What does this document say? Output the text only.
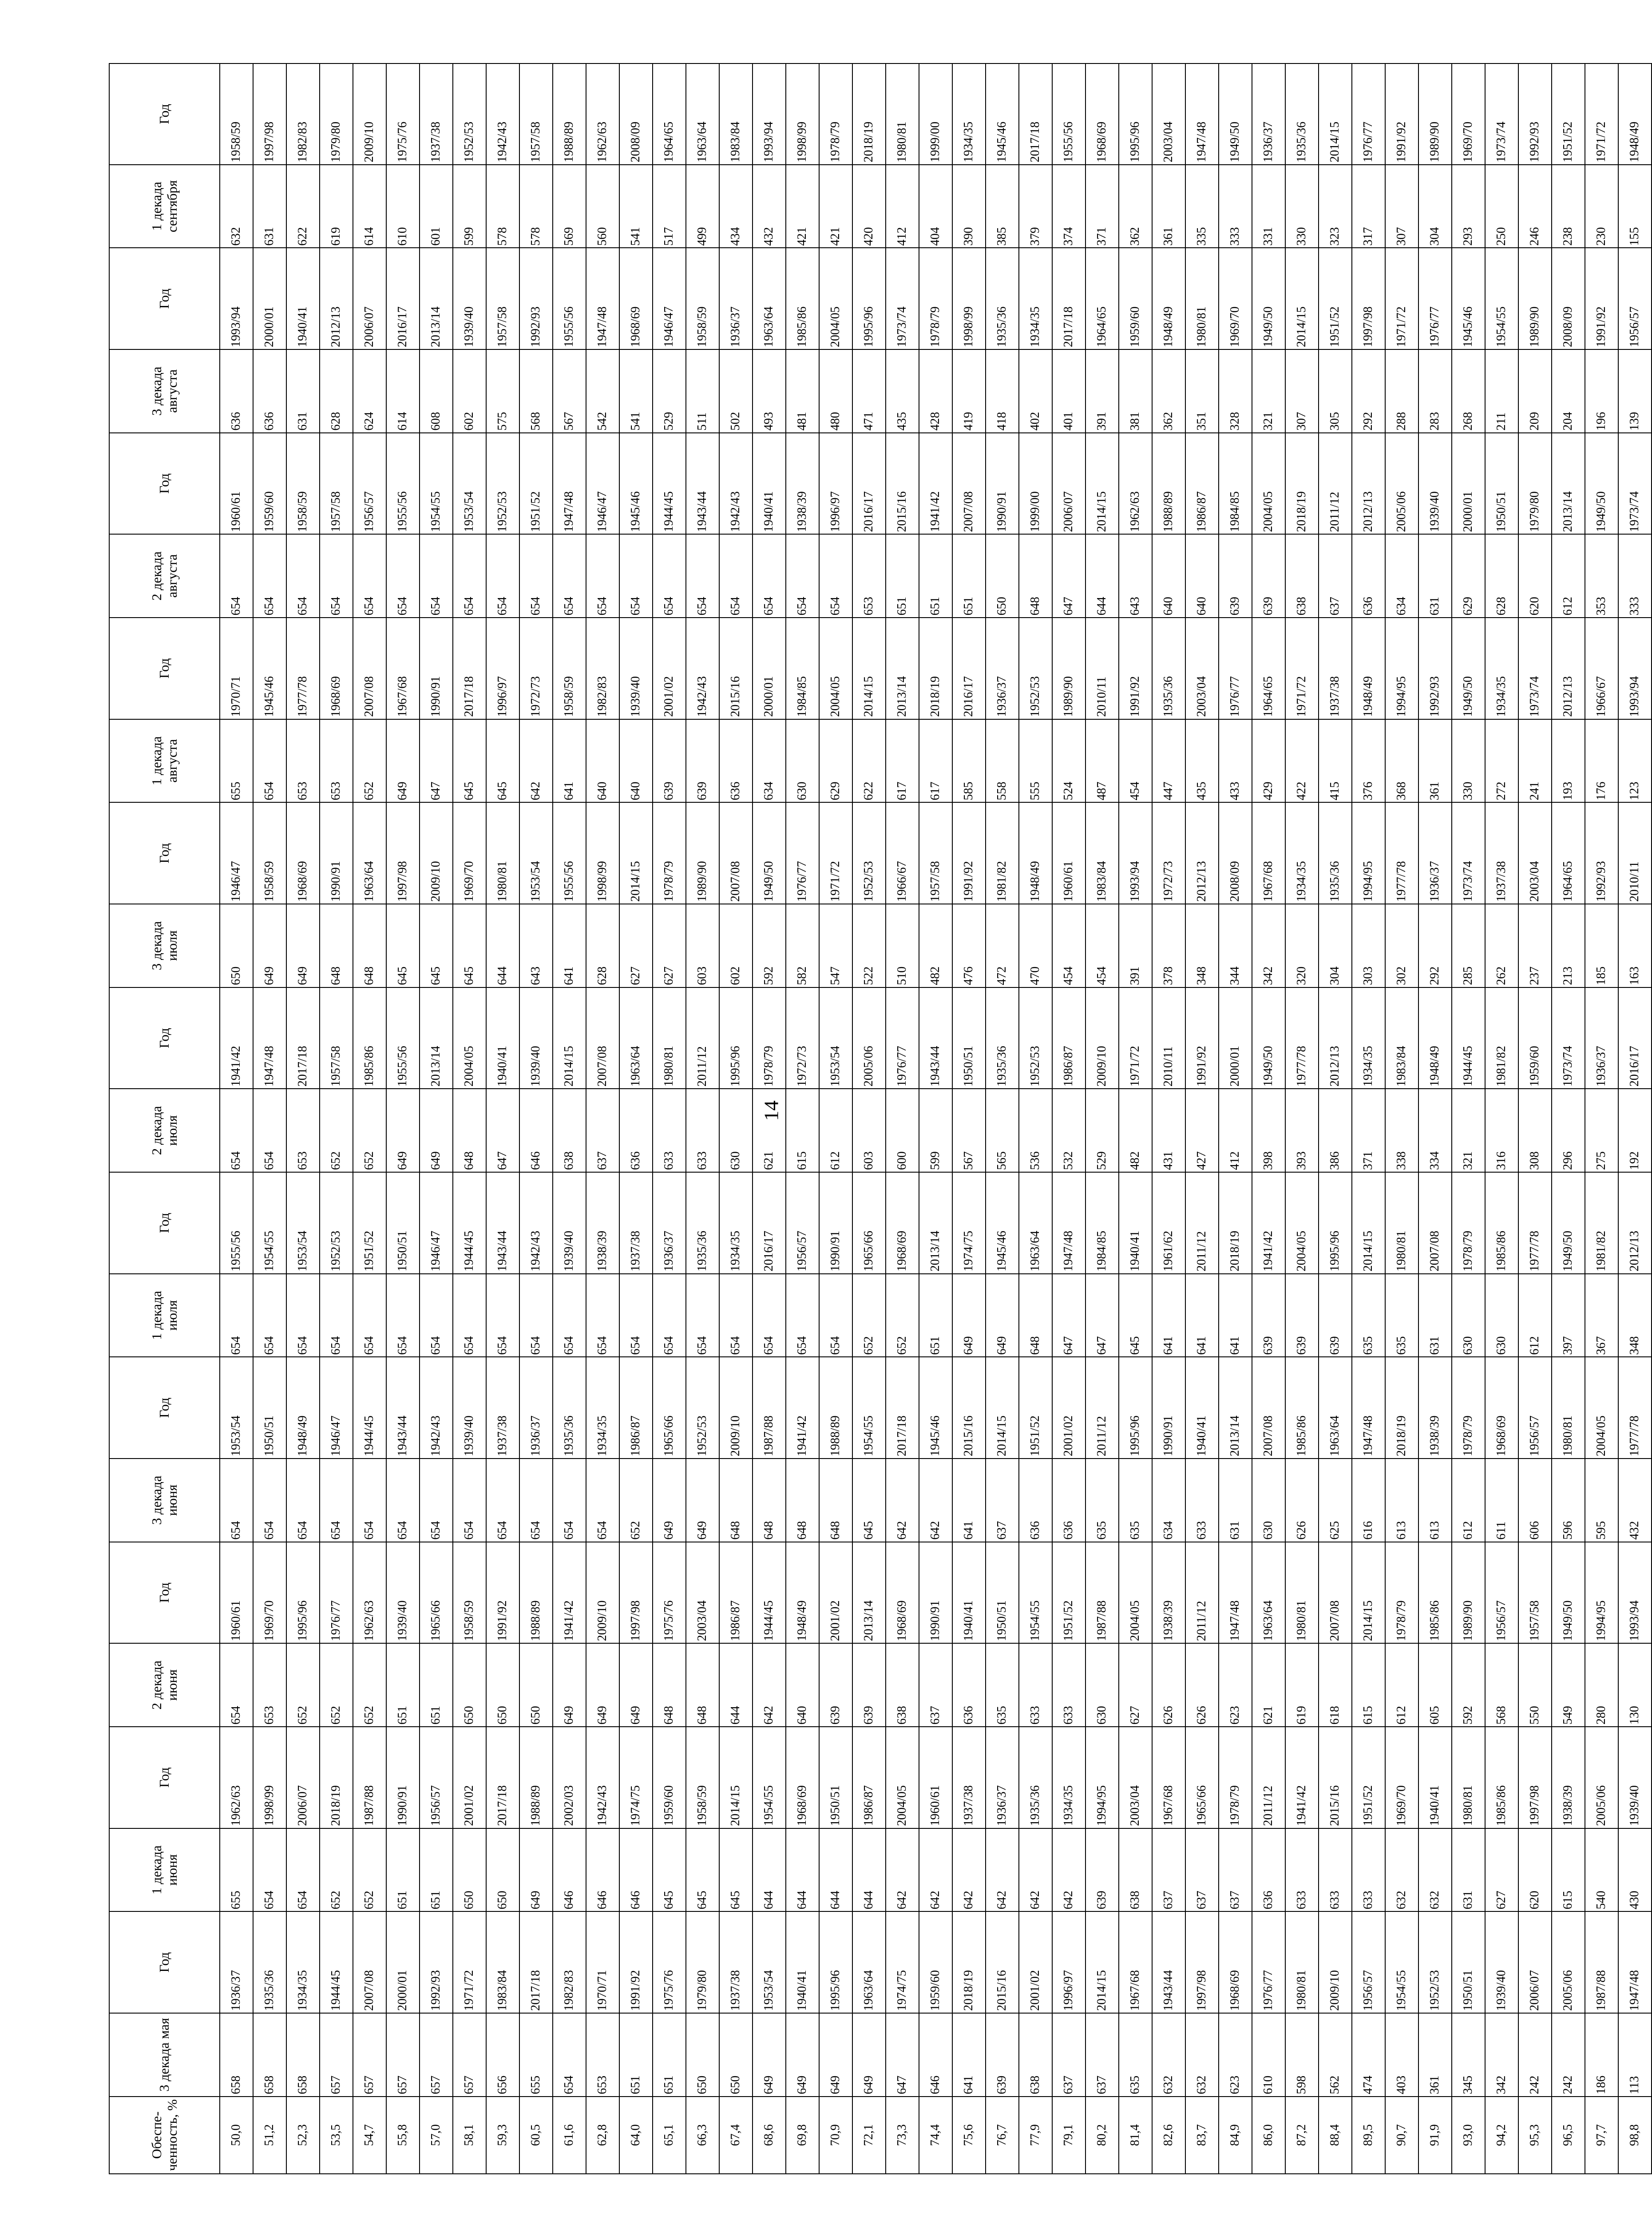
14
Обеспе-ченность, %	3 декада мая	Год	1 декада июня	Год	2 декада июня	Год	3 декада июня	Год	1 декада июля	Год	2 декада июля	Год	3 декада июля	Год	1 декада августа	Год	2 декада августа	Год	3 декада августа	Год	1 декада сентября	Год
50,0	658	1936/37	655	1962/63	654	1960/61	654	1953/54	654	1955/56	654	1941/42	650	1946/47	655	1970/71	654	1960/61	636	1993/94	632	1958/59
51,2	658	1935/36	654	1998/99	653	1969/70	654	1950/51	654	1954/55	654	1947/48	649	1958/59	654	1945/46	654	1959/60	636	2000/01	631	1997/98
52,3	658	1934/35	654	2006/07	652	1995/96	654	1948/49	654	1953/54	653	2017/18	649	1968/69	653	1977/78	654	1958/59	631	1940/41	622	1982/83
53,5	657	1944/45	652	2018/19	652	1976/77	654	1946/47	654	1952/53	652	1957/58	648	1990/91	653	1968/69	654	1957/58	628	2012/13	619	1979/80
54,7	657	2007/08	652	1987/88	652	1962/63	654	1944/45	654	1951/52	652	1985/86	648	1963/64	652	2007/08	654	1956/57	624	2006/07	614	2009/10
55,8	657	2000/01	651	1990/91	651	1939/40	654	1943/44	654	1950/51	649	1955/56	645	1997/98	649	1967/68	654	1955/56	614	2016/17	610	1975/76
57,0	657	1992/93	651	1956/57	651	1965/66	654	1942/43	654	1946/47	649	2013/14	645	2009/10	647	1990/91	654	1954/55	608	2013/14	601	1937/38
58,1	657	1971/72	650	2001/02	650	1958/59	654	1939/40	654	1944/45	648	2004/05	645	1969/70	645	2017/18	654	1953/54	602	1939/40	599	1952/53
59,3	656	1983/84	650	2017/18	650	1991/92	654	1937/38	654	1943/44	647	1940/41	644	1980/81	645	1996/97	654	1952/53	575	1957/58	578	1942/43
60,5	655	2017/18	649	1988/89	650	1988/89	654	1936/37	654	1942/43	646	1939/40	643	1953/54	642	1972/73	654	1951/52	568	1992/93	578	1957/58
61,6	654	1982/83	646	2002/03	649	1941/42	654	1935/36	654	1939/40	638	2014/15	641	1955/56	641	1958/59	654	1947/48	567	1955/56	569	1988/89
62,8	653	1970/71	646	1942/43	649	2009/10	654	1934/35	654	1938/39	637	2007/08	628	1998/99	640	1982/83	654	1946/47	542	1947/48	560	1962/63
64,0	651	1991/92	646	1974/75	649	1997/98	652	1986/87	654	1937/38	636	1963/64	627	2014/15	640	1939/40	654	1945/46	541	1968/69	541	2008/09
65,1	651	1975/76	645	1959/60	648	1975/76	649	1965/66	654	1936/37	633	1980/81	627	1978/79	639	2001/02	654	1944/45	529	1946/47	517	1964/65
66,3	650	1979/80	645	1958/59	648	2003/04	649	1952/53	654	1935/36	633	2011/12	603	1989/90	639	1942/43	654	1943/44	511	1958/59	499	1963/64
67,4	650	1937/38	645	2014/15	644	1986/87	648	2009/10	654	1934/35	630	1995/96	602	2007/08	636	2015/16	654	1942/43	502	1936/37	434	1983/84
68,6	649	1953/54	644	1954/55	642	1944/45	648	1987/88	654	2016/17	621	1978/79	592	1949/50	634	2000/01	654	1940/41	493	1963/64	432	1993/94
69,8	649	1940/41	644	1968/69	640	1948/49	648	1941/42	654	1956/57	615	1972/73	582	1976/77	630	1984/85	654	1938/39	481	1985/86	421	1998/99
70,9	649	1995/96	644	1950/51	639	2001/02	648	1988/89	654	1990/91	612	1953/54	547	1971/72	629	2004/05	654	1996/97	480	2004/05	421	1978/79
72,1	649	1963/64	644	1986/87	639	2013/14	645	1954/55	652	1965/66	603	2005/06	522	1952/53	622	2014/15	653	2016/17	471	1995/96	420	2018/19
73,3	647	1974/75	642	2004/05	638	1968/69	642	2017/18	652	1968/69	600	1976/77	510	1966/67	617	2013/14	651	2015/16	435	1973/74	412	1980/81
74,4	646	1959/60	642	1960/61	637	1990/91	642	1945/46	651	2013/14	599	1943/44	482	1957/58	617	2018/19	651	1941/42	428	1978/79	404	1999/00
75,6	641	2018/19	642	1937/38	636	1940/41	641	2015/16	649	1974/75	567	1950/51	476	1991/92	585	2016/17	651	2007/08	419	1998/99	390	1934/35
76,7	639	2015/16	642	1936/37	635	1950/51	637	2014/15	649	1945/46	565	1935/36	472	1981/82	558	1936/37	650	1990/91	418	1935/36	385	1945/46
77,9	638	2001/02	642	1935/36	633	1954/55	636	1951/52	648	1963/64	536	1952/53	470	1948/49	555	1952/53	648	1999/00	402	1934/35	379	2017/18
79,1	637	1996/97	642	1934/35	633	1951/52	636	2001/02	647	1947/48	532	1986/87	454	1960/61	524	1989/90	647	2006/07	401	2017/18	374	1955/56
80,2	637	2014/15	639	1994/95	630	1987/88	635	2011/12	647	1984/85	529	2009/10	454	1983/84	487	2010/11	644	2014/15	391	1964/65	371	1968/69
81,4	635	1967/68	638	2003/04	627	2004/05	635	1995/96	645	1940/41	482	1971/72	391	1993/94	454	1991/92	643	1962/63	381	1959/60	362	1995/96
82,6	632	1943/44	637	1967/68	626	1938/39	634	1990/91	641	1961/62	431	2010/11	378	1972/73	447	1935/36	640	1988/89	362	1948/49	361	2003/04
83,7	632	1997/98	637	1965/66	626	2011/12	633	1940/41	641	2011/12	427	1991/92	348	2012/13	435	2003/04	640	1986/87	351	1980/81	335	1947/48
84,9	623	1968/69	637	1978/79	623	1947/48	631	2013/14	641	2018/19	412	2000/01	344	2008/09	433	1976/77	639	1984/85	328	1969/70	333	1949/50
86,0	610	1976/77	636	2011/12	621	1963/64	630	2007/08	639	1941/42	398	1949/50	342	1967/68	429	1964/65	639	2004/05	321	1949/50	331	1936/37
87,2	598	1980/81	633	1941/42	619	1980/81	626	1985/86	639	2004/05	393	1977/78	320	1934/35	422	1971/72	638	2018/19	307	2014/15	330	1935/36
88,4	562	2009/10	633	2015/16	618	2007/08	625	1963/64	639	1995/96	386	2012/13	304	1935/36	415	1937/38	637	2011/12	305	1951/52	323	2014/15
89,5	474	1956/57	633	1951/52	615	2014/15	616	1947/48	635	2014/15	371	1934/35	303	1994/95	376	1948/49	636	2012/13	292	1997/98	317	1976/77
90,7	403	1954/55	632	1969/70	612	1978/79	613	2018/19	635	1980/81	338	1983/84	302	1977/78	368	1994/95	634	2005/06	288	1971/72	307	1991/92
91,9	361	1952/53	632	1940/41	605	1985/86	613	1938/39	631	2007/08	334	1948/49	292	1936/37	361	1992/93	631	1939/40	283	1976/77	304	1989/90
93,0	345	1950/51	631	1980/81	592	1989/90	612	1978/79	630	1978/79	321	1944/45	285	1973/74	330	1949/50	629	2000/01	268	1945/46	293	1969/70
94,2	342	1939/40	627	1985/86	568	1956/57	611	1968/69	630	1985/86	316	1981/82	262	1937/38	272	1934/35	628	1950/51	211	1954/55	250	1973/74
95,3	242	2006/07	620	1997/98	550	1957/58	606	1956/57	612	1977/78	308	1959/60	237	2003/04	241	1973/74	620	1979/80	209	1989/90	246	1992/93
96,5	242	2005/06	615	1938/39	549	1949/50	596	1980/81	397	1949/50	296	1973/74	213	1964/65	193	2012/13	612	2013/14	204	2008/09	238	1951/52
97,7	186	1987/88	540	2005/06	280	1994/95	595	2004/05	367	1981/82	275	1936/37	185	1992/93	176	1966/67	353	1949/50	196	1991/92	230	1971/72
98,8	113	1947/48	430	1939/40	130	1993/94	432	1977/78	348	2012/13	192	2016/17	163	2010/11	123	1993/94	333	1973/74	139	1956/57	155	1948/49
